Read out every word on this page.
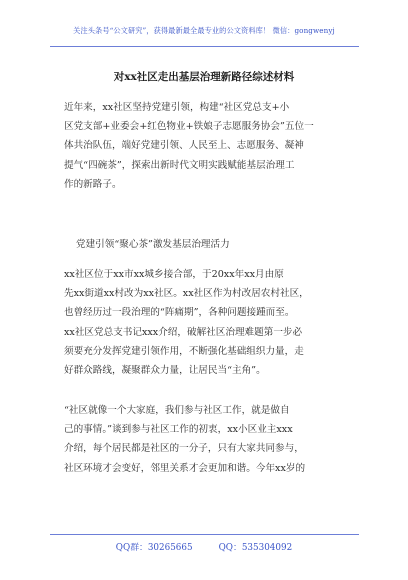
关注头条号“公文研究”，获得最新最全最专业的公文资料库！ 微信：gongwenyj
对xx社区走出基层治理新路径综述材料
近年来，xx社区坚持党建引领，构建“社区党总支+小
区党支部+业委会+红色物业+铁娘子志愿服务协会”五位一
体共治队伍，端好党建引领、人民至上、志愿服务、凝神
提气“四碗茶”，探索出新时代文明实践赋能基层治理工
作的新路子。
党建引领“聚心茶”激发基层治理活力
xx社区位于xx市xx城乡接合部，于20xx年xx月由原
先xx街道xx村改为xx社区。xx社区作为村改居农村社区，
也曾经历过一段治理的“阵痛期”，各种问题接踵而至。
xx社区党总支书记xxx介绍，破解社区治理难题第一步必
须要充分发挥党建引领作用，不断强化基础组织力量，走
好群众路线，凝聚群众力量，让居民当“主角”。
“社区就像一个大家庭，我们参与社区工作，就是做自
己的事情。”谈到参与社区工作的初衷，xx小区业主xxx
介绍，每个居民都是社区的一分子，只有大家共同参与，
社区环境才会变好，邻里关系才会更加和谐。今年xx岁的
QQ群：30265665	QQ：535304092
